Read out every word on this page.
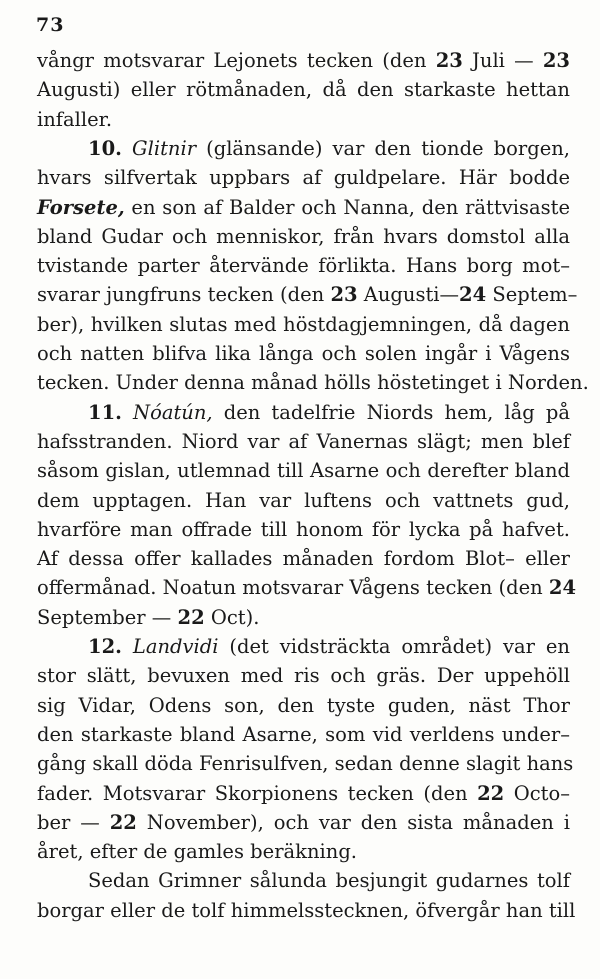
73
vångr motsvarar Lejonets tecken (den 23 Juli — 23
Augusti) eller rötmånaden, då den starkaste hettan
infaller.
10. Glitnir (glänsande) var den tionde borgen,
hvars silfvertak uppbars af guldpelare. Här bodde
Forsete, en son af Balder och Nanna, den rättvisaste
bland Gudar och menniskor, från hvars domstol alla
tvistande parter återvände förlikta. Hans borg mot–
svarar jungfruns tecken (den 23 Augusti—24 Septem–
ber), hvilken slutas med höstdagjemningen, då dagen
och natten blifva lika långa och solen ingår i Vågens
tecken. Under denna månad hölls höstetinget i Norden.
11. Nóatún, den tadelfrie Niords hem, låg på
hafsstranden. Niord var af Vanernas slägt; men blef
såsom gislan, utlemnad till Asarne och derefter bland
dem upptagen. Han var luftens och vattnets gud,
hvarföre man offrade till honom för lycka på hafvet.
Af dessa offer kallades månaden fordom Blot– eller
offermånad. Noatun motsvarar Vågens tecken (den 24
September — 22 Oct).
12. Landvidi (det vidsträckta området) var en
stor slätt, bevuxen med ris och gräs. Der uppehöll
sig Vidar, Odens son, den tyste guden, näst Thor
den starkaste bland Asarne, som vid verldens under–
gång skall döda Fenrisulfven, sedan denne slagit hans
fader. Motsvarar Skorpionens tecken (den 22 Octo–
ber — 22 November), och var den sista månaden i
året, efter de gamles beräkning.
Sedan Grimner sålunda besjungit gudarnes tolf
borgar eller de tolf himmelsstecknen, öfvergår han till
